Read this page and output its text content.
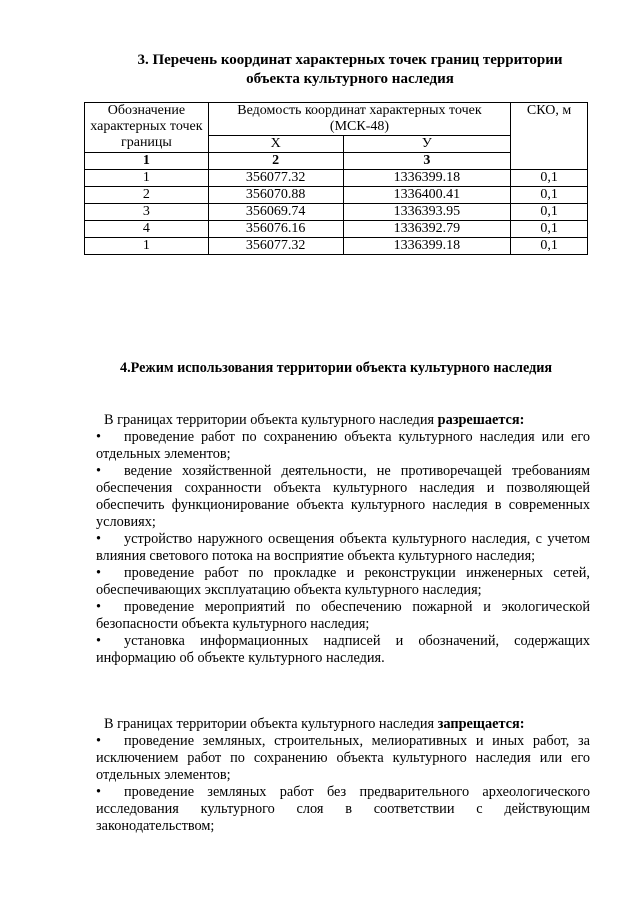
3. Перечень координат характерных точек границ территории
объекта культурного наследия
Обозначение характерных точек границы	Ведомость координат характерных точек (МСК-48)		СКО, м
	Х	У	
1	2	3	
1	356077.32	1336399.18	0,1
2	356070.88	1336400.41	0,1
3	356069.74	1336393.95	0,1
4	356076.16	1336392.79	0,1
1	356077.32	1336399.18	0,1
4.Режим использования территории объекта культурного наследия

В границах территории объекта культурного наследия разрешается:

• проведение работ по сохранению объекта культурного наследия или его отдельных элементов;

• ведение хозяйственной деятельности, не противоречащей требованиям обеспечения сохранности объекта культурного наследия и позволяющей обеспечить функционирование объекта культурного наследия в современных условиях;

• устройство наружного освещения объекта культурного наследия, с учетом влияния светового потока на восприятие объекта культурного наследия;

• проведение работ по прокладке и реконструкции инженерных сетей, обеспечивающих эксплуатацию объекта культурного наследия;

• проведение мероприятий по обеспечению пожарной и экологической безопасности объекта культурного наследия;

• установка информационных надписей и обозначений, содержащих информацию об объекте культурного наследия.

В границах территории объекта культурного наследия запрещается:

• проведение земляных, строительных, мелиоративных и иных работ, за исключением работ по сохранению объекта культурного наследия или его отдельных элементов;

• проведение земляных работ без предварительного археологического исследования культурного слоя в соответствии с действующим законодательством;
